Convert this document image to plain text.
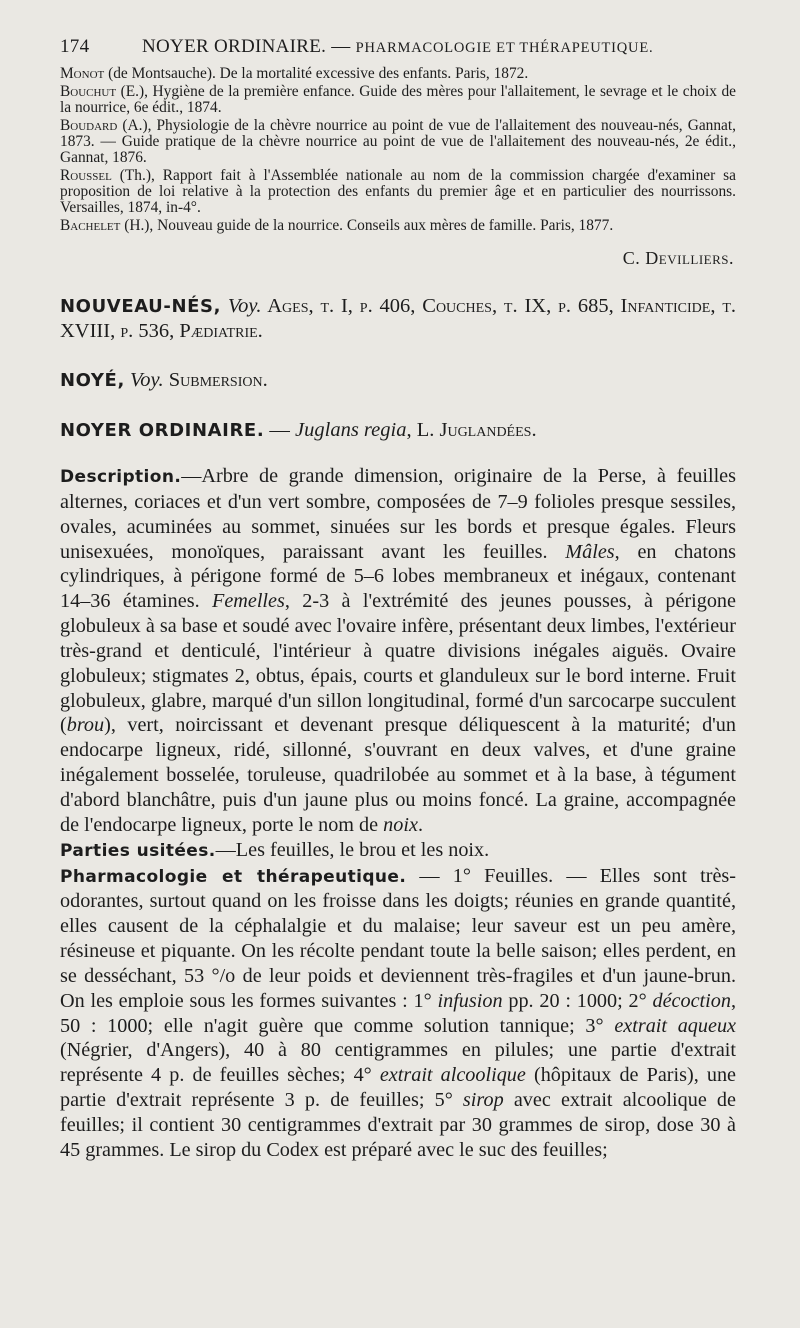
174	NOYER ORDINAIRE. — PHARMACOLOGIE ET THÉRAPEUTIQUE.
Monot (de Montsauche). De la mortalité excessive des enfants. Paris, 1872.
Bouchut (E.), Hygiène de la première enfance. Guide des mères pour l'allaitement, le sevrage et le choix de la nourrice, 6e édit., 1874.
Boudard (A.), Physiologie de la chèvre nourrice au point de vue de l'allaitement des nouveau-nés, Gannat, 1873. — Guide pratique de la chèvre nourrice au point de vue de l'allaitement des nouveau-nés, 2e édit., Gannat, 1876.
Roussel (Th.), Rapport fait à l'Assemblée nationale au nom de la commission chargée d'examiner sa proposition de loi relative à la protection des enfants du premier âge et en particulier des nourrissons. Versailles, 1874, in-4°.
Bachelet (H.), Nouveau guide de la nourrice. Conseils aux mères de famille. Paris, 1877.
C. Devilliers.
NOUVEAU-NÉS, Voy. Ages, t. I, p. 406, Couches, t. IX, p. 685, Infanticide, t. XVIII, p. 536, Pædiatrie.
NOYÉ, Voy. Submersion.
NOYER ORDINAIRE. — Juglans regia, L. Juglandées.

Description.—Arbre de grande dimension, originaire de la Perse, à feuilles alternes, coriaces et d'un vert sombre, composées de 7–9 folioles presque sessiles, ovales, acuminées au sommet, sinuées sur les bords et presque égales. Fleurs unisexuées, monoïques, paraissant avant les feuilles. Mâles, en chatons cylindriques, à périgone formé de 5–6 lobes membraneux et inégaux, contenant 14–36 étamines. Femelles, 2-3 à l'extrémité des jeunes pousses, à périgone globuleux à sa base et soudé avec l'ovaire infère, présentant deux limbes, l'extérieur très-grand et denticulé, l'intérieur à quatre divisions inégales aiguës. Ovaire globuleux; stigmates 2, obtus, épais, courts et glanduleux sur le bord interne. Fruit globuleux, glabre, marqué d'un sillon longitudinal, formé d'un sarcocarpe succulent (brou), vert, noircissant et devenant presque déliquescent à la maturité; d'un endocarpe ligneux, ridé, sillonné, s'ouvrant en deux valves, et d'une graine inégalement bosselée, toruleuse, quadrilobée au sommet et à la base, à tégument d'abord blanchâtre, puis d'un jaune plus ou moins foncé. La graine, accompagnée de l'endocarpe ligneux, porte le nom de noix.

Parties usitées.—Les feuilles, le brou et les noix.

Pharmacologie et thérapeutique. — 1° Feuilles. — Elles sont très-odorantes, surtout quand on les froisse dans les doigts; réunies en grande quantité, elles causent de la céphalalgie et du malaise; leur saveur est un peu amère, résineuse et piquante. On les récolte pendant toute la belle saison; elles perdent, en se desséchant, 53 °/o de leur poids et deviennent très-fragiles et d'un jaune-brun. On les emploie sous les formes suivantes : 1° infusion pp. 20 : 1000; 2° décoction, 50 : 1000; elle n'agit guère que comme solution tannique; 3° extrait aqueux (Négrier, d'Angers), 40 à 80 centigrammes en pilules; une partie d'extrait représente 4 p. de feuilles sèches; 4° extrait alcoolique (hôpitaux de Paris), une partie d'extrait représente 3 p. de feuilles; 5° sirop avec extrait alcoolique de feuilles; il contient 30 centigrammes d'extrait par 30 grammes de sirop, dose 30 à 45 grammes. Le sirop du Codex est préparé avec le suc des feuilles;
